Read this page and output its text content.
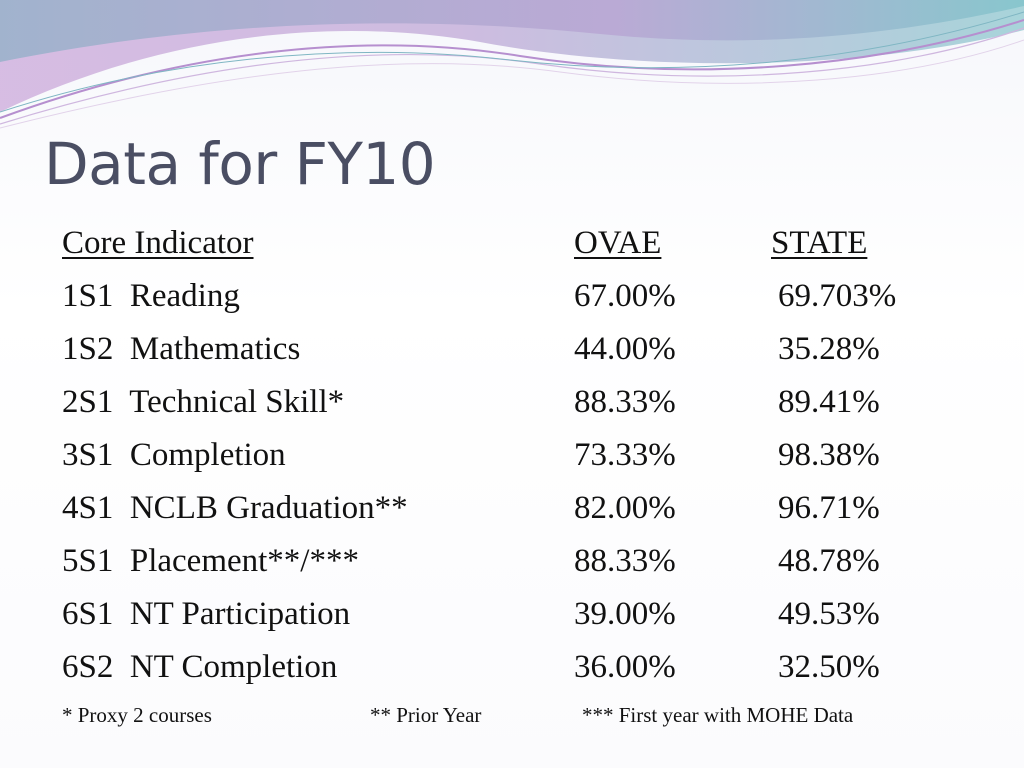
Data for FY10
Core Indicator	OVAE	STATE
1S1  Reading	67.00%	69.703%
1S2  Mathematics	44.00%	35.28%
2S1  Technical Skill*	88.33%	89.41%
3S1  Completion	73.33%	98.38%
4S1  NCLB Graduation**	82.00%	96.71%
5S1  Placement**/***	88.33%	48.78%
6S1  NT Participation	39.00%	49.53%
6S2  NT Completion	36.00%	32.50%
* Proxy 2 courses	** Prior Year	*** First year with MOHE Data
